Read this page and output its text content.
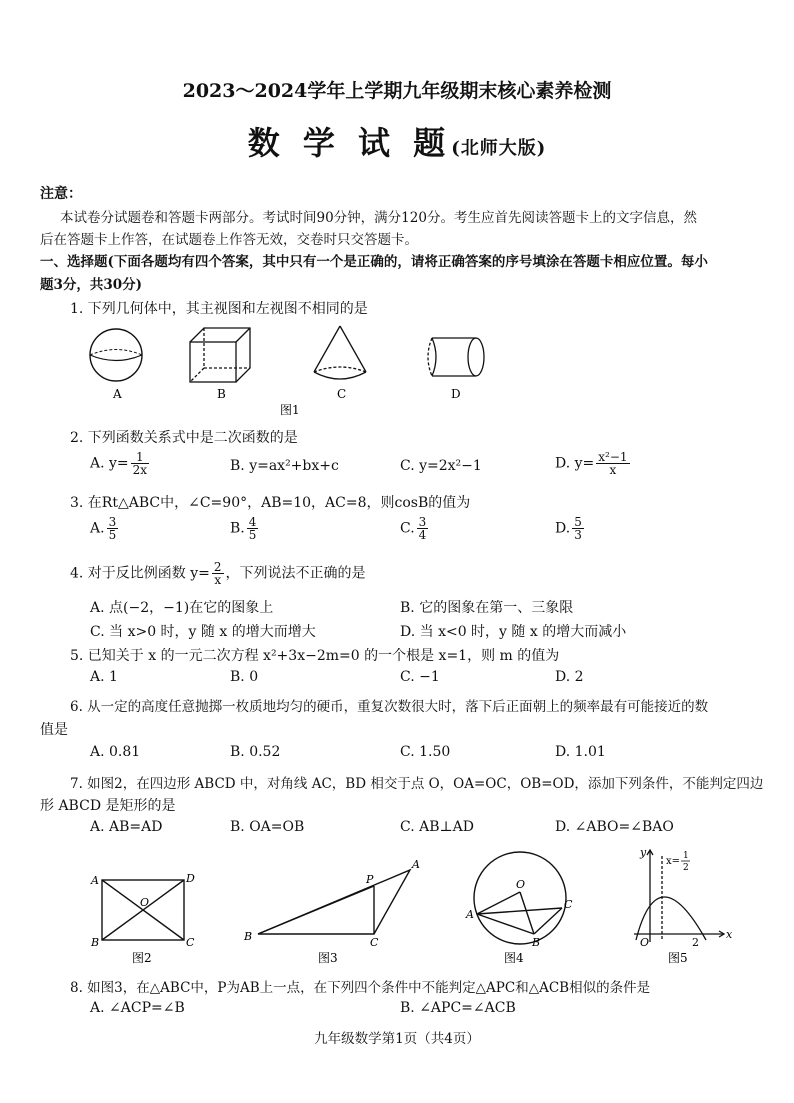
2023～2024学年上学期九年级期末核心素养检测
数 学 试 题(北师大版)
注意：
本试卷分试题卷和答题卡两部分。考试时间90分钟，满分120分。考生应首先阅读答题卡上的文字信息，然
后在答题卡上作答，在试题卷上作答无效，交卷时只交答题卡。
一、选择题(下面各题均有四个答案，其中只有一个是正确的，请将正确答案的序号填涂在答题卡相应位置。每小
题3分，共30分)
1. 下列几何体中，其主视图和左视图不相同的是
A	B	C	D
图1
2. 下列函数关系式中是二次函数的是
A. $y= \frac{1}{2x}$	B. y=ax²+bx+c	C. y=2x²−1	D. $y= \frac{\text{x²−1}}{x}$
3. 在Rt△ABC中，∠C=90°，AB=10，AC=8，则cosB的值为
A. $\frac{3}{5}$	B. $\frac{4}{5}$	C. $\frac{3}{4}$	D. $\frac{5}{3}$
4. 对于反比例函数 $y= \frac{2}{x}$ ，下列说法不正确的是
A. 点(−2，−1)在它的图象上	B. 它的图象在第一、三象限
C. 当 x>0 时，y 随 x 的增大而增大	D. 当 x<0 时，y 随 x 的增大而减小
5. 已知关于 x 的一元二次方程 x²+3x−2m=0 的一个根是 x=1，则 m 的值为
A. 1	B. 0	C. −1	D. 2
6. 从一定的高度任意抛掷一枚质地均匀的硬币，重复次数很大时，落下后正面朝上的频率最有可能接近的数
值是
A. 0.81	B. 0.52	C. 1.50	D. 1.01
7. 如图2，在四边形 ABCD 中，对角线 AC，BD 相交于点 O，OA=OC，OB=OD，添加下列条件，不能判定四边
形 ABCD 是矩形的是
A. AB=AD	B. OA=OB	C. AB⊥AD	D. ∠ABO=∠BAO
A	D
B	C
O
图2
A
P
B	C
图3
O
A
C
B
图4
y
x
O	2
x= 1
2
图5
8. 如图3，在△ABC中，P为AB上一点，在下列四个条件中不能判定△APC和△ACB相似的条件是
A. ∠ACP=∠B	B. ∠APC=∠ACB
九年级数学第1页（共4页）
